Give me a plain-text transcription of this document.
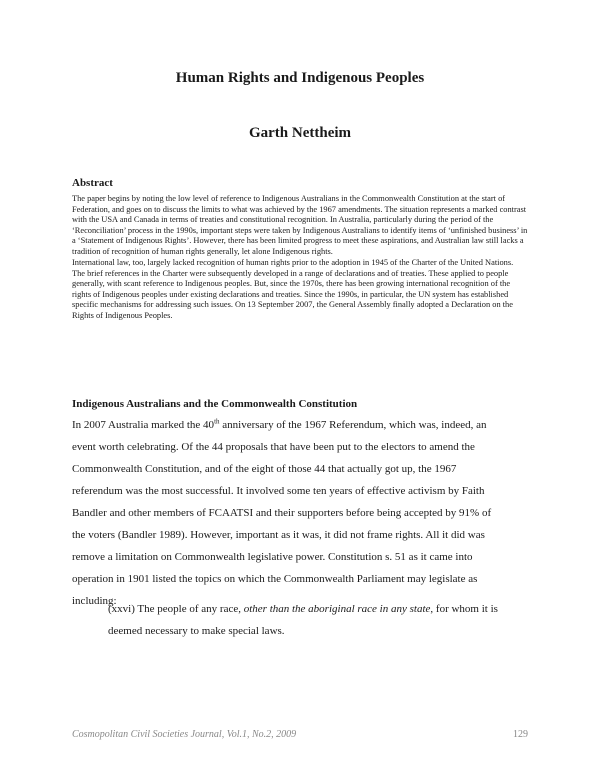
Human Rights and Indigenous Peoples
Garth Nettheim
Abstract

The paper begins by noting the low level of reference to Indigenous Australians in the Commonwealth Constitution at the start of Federation, and goes on to discuss the limits to what was achieved by the 1967 amendments. The situation represents a marked contrast with the USA and Canada in terms of treaties and constitutional recognition. In Australia, particularly during the period of the ‘Reconciliation’ process in the 1990s, important steps were taken by Indigenous Australians to identify items of ‘unfinished business’ in a ‘Statement of Indigenous Rights’. However, there has been limited progress to meet these aspirations, and Australian law still lacks a tradition of recognition of human rights generally, let alone Indigenous rights.

International law, too, largely lacked recognition of human rights prior to the adoption in 1945 of the Charter of the United Nations. The brief references in the Charter were subsequently developed in a range of declarations and of treaties. These applied to people generally, with scant reference to Indigenous peoples. But, since the 1970s, there has been growing international recognition of the rights of Indigenous peoples under existing declarations and treaties. Since the 1990s, in particular, the UN system has established specific mechanisms for addressing such issues. On 13 September 2007, the General Assembly finally adopted a Declaration on the Rights of Indigenous Peoples.

Indigenous Australians and the Commonwealth Constitution
In 2007 Australia marked the 40th anniversary of the 1967 Referendum, which was, indeed, an
event worth celebrating. Of the 44 proposals that have been put to the electors to amend the
Commonwealth Constitution, and of the eight of those 44 that actually got up, the 1967
referendum was the most successful. It involved some ten years of effective activism by Faith
Bandler and other members of FCAATSI and their supporters before being accepted by 91% of
the voters (Bandler 1989). However, important as it was, it did not frame rights. All it did was
remove a limitation on Commonwealth legislative power. Constitution s. 51 as it came into
operation in 1901 listed the topics on which the Commonwealth Parliament may legislate as
including:

(xxvi) The people of any race, other than the aboriginal race in any state, for whom it is deemed necessary to make special laws.

Cosmopolitan Civil Societies Journal, Vol.1, No.2, 2009	129
